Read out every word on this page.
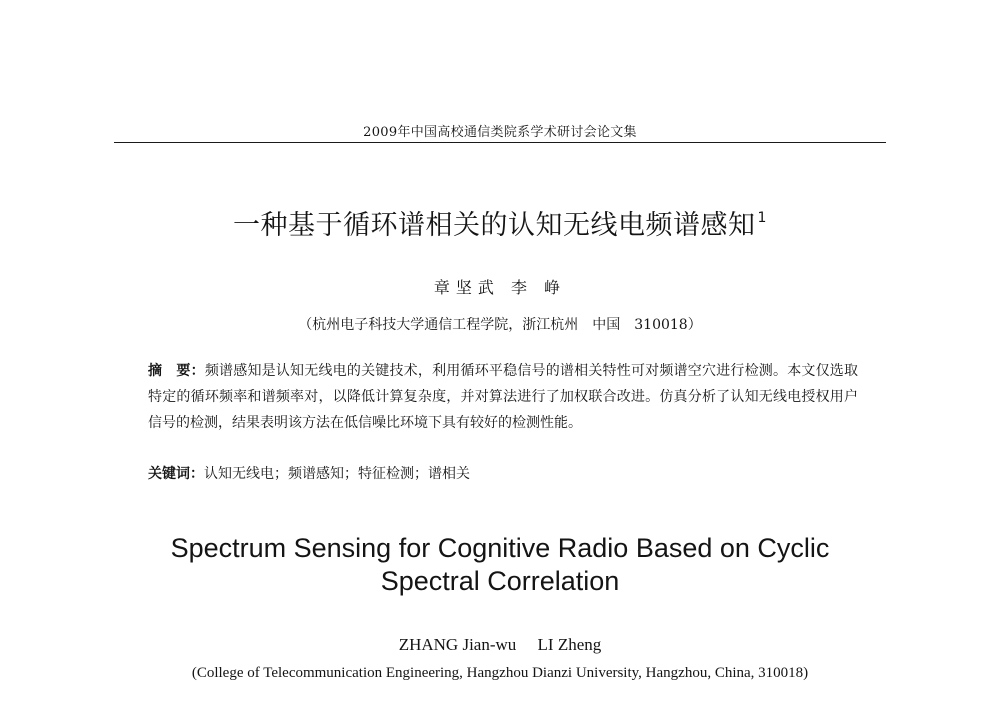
2009年中国高校通信类院系学术研讨会论文集
一种基于循环谱相关的认知无线电频谱感知 $^1$
章坚武 李 峥
（杭州电子科技大学通信工程学院，浙江杭州　中国　310018）
摘　要：频谱感知是认知无线电的关键技术，利用循环平稳信号的谱相关特性可对频谱空穴进行检测。本文仅选取特定的循环频率和谱频率对，以降低计算复杂度，并对算法进行了加权联合改进。仿真分析了认知无线电授权用户信号的检测，结果表明该方法在低信噪比环境下具有较好的检测性能。
关键词：认知无线电；频谱感知；特征检测；谱相关
Spectrum Sensing for Cognitive Radio Based on Cyclic
Spectral Correlation
ZHANG Jian-wu　 LI Zheng
(College of Telecommunication Engineering, Hangzhou Dianzi University, Hangzhou, China, 310018)
